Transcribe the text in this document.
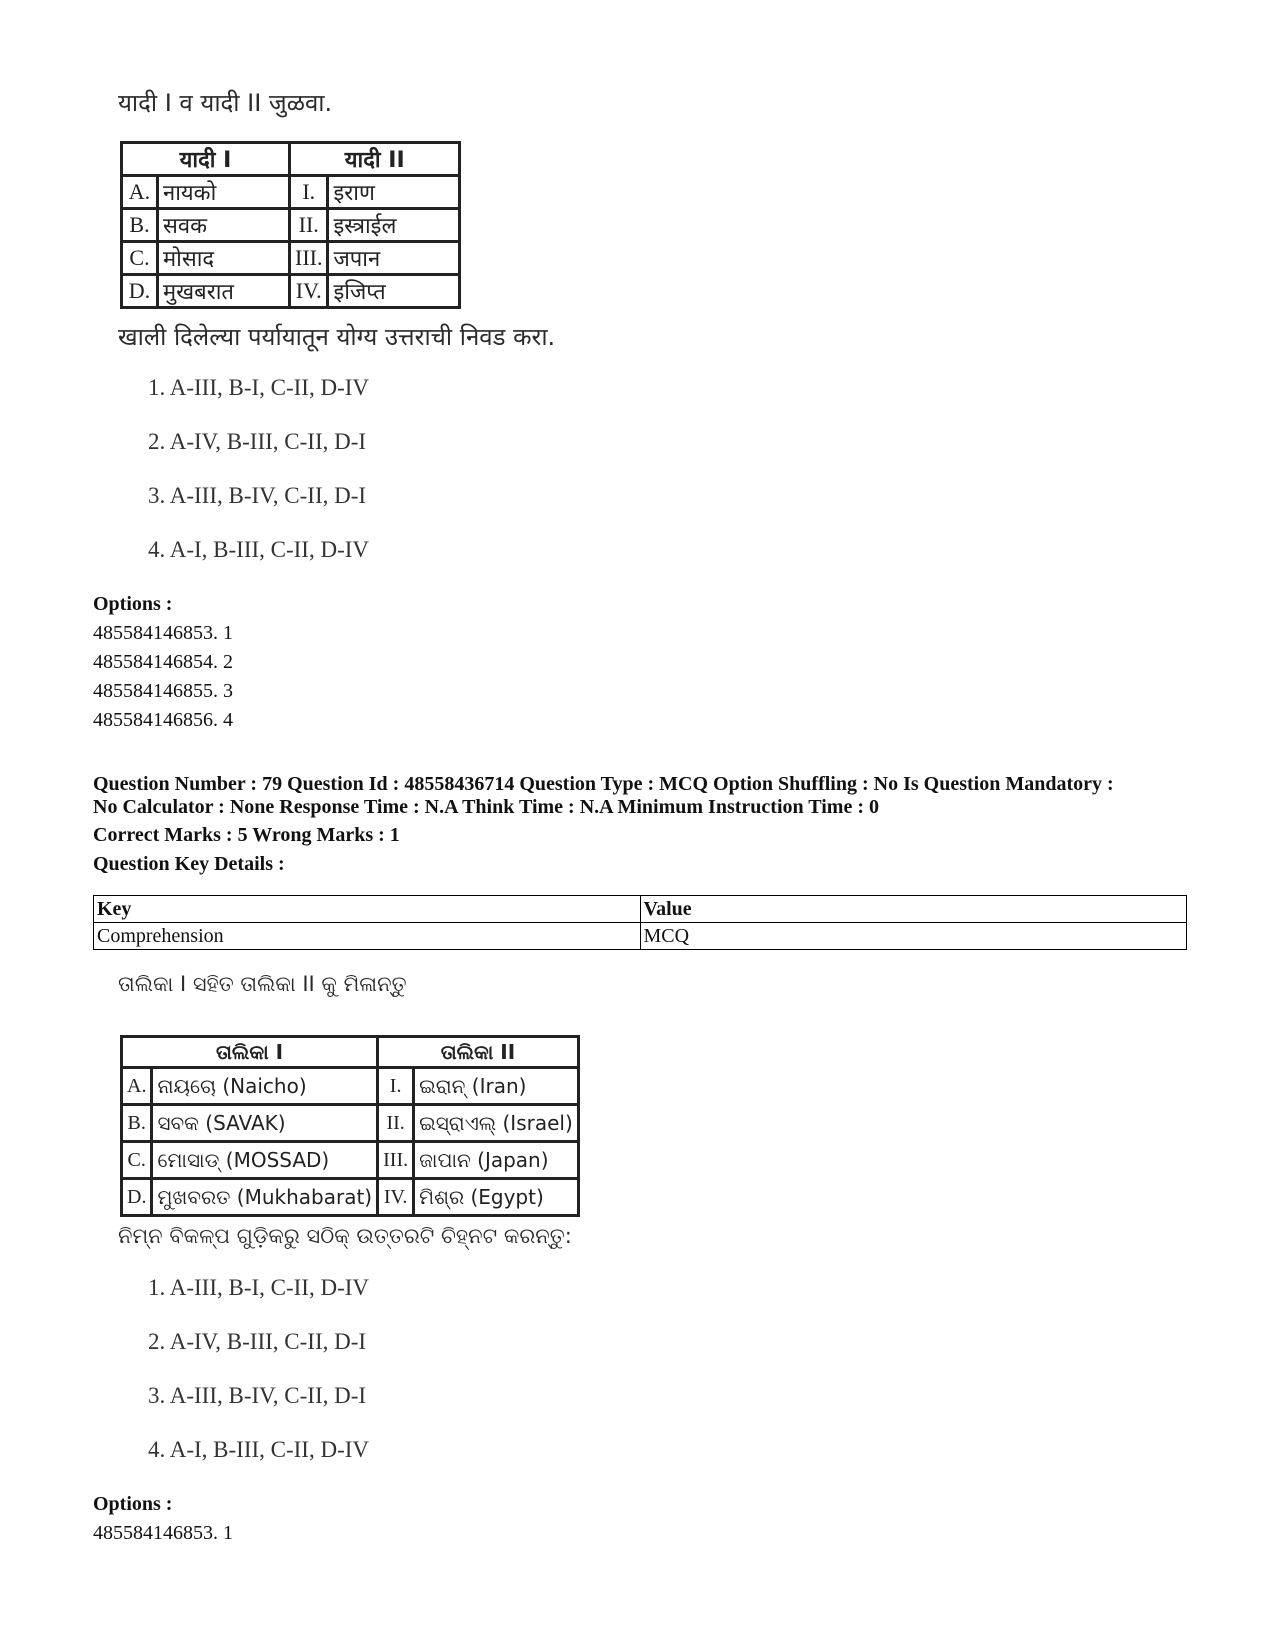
यादी I व यादी II जुळवा.
यादी I		यादी II	
A.	नायको	I.	इराण
B.	सवक	II.	इस्त्राईल
C.	मोसाद	III.	जपान
D.	मुखबरात	IV.	इजिप्त
खाली दिलेल्या पर्यायातून योग्य उत्तराची निवड करा.
1. A-III, B-I, C-II, D-IV
2. A-IV, B-III, C-II, D-I
3. A-III, B-IV, C-II, D-I
4. A-I, B-III, C-II, D-IV
Options :
485584146853. 1
485584146854. 2
485584146855. 3
485584146856. 4
Question Number : 79 Question Id : 48558436714 Question Type : MCQ Option Shuffling : No Is Question Mandatory :
No Calculator : None Response Time : N.A Think Time : N.A Minimum Instruction Time : 0
Correct Marks : 5 Wrong Marks : 1
Question Key Details :
Key	Value
Comprehension	MCQ
ତାଲିକା I ସହିତ ତାଲିକା II କୁ ମିଳାନ୍ତୁ
ତାଲିକା I		ତାଲିକା II	
A.	ନାୟଚୋ (Naicho)	I.	ଇରାନ୍ (Iran)
B.	ସବକ (SAVAK)	II.	ଇସ୍ରାଏଲ୍ (Israel)
C.	ମୋସାଡ୍ (MOSSAD)	III.	ଜାପାନ (Japan)
D.	ମୁଖବରତ (Mukhabarat)	IV.	ମିଶ୍ର (Egypt)
ନିମ୍ନ ବିକଳ୍ପ ଗୁଡ଼ିକରୁ ସଠିକ୍ ଉତ୍ତରଟି ଚିହ୍ନଟ କରନ୍ତୁ:
1. A-III, B-I, C-II, D-IV
2. A-IV, B-III, C-II, D-I
3. A-III, B-IV, C-II, D-I
4. A-I, B-III, C-II, D-IV
Options :
485584146853. 1
